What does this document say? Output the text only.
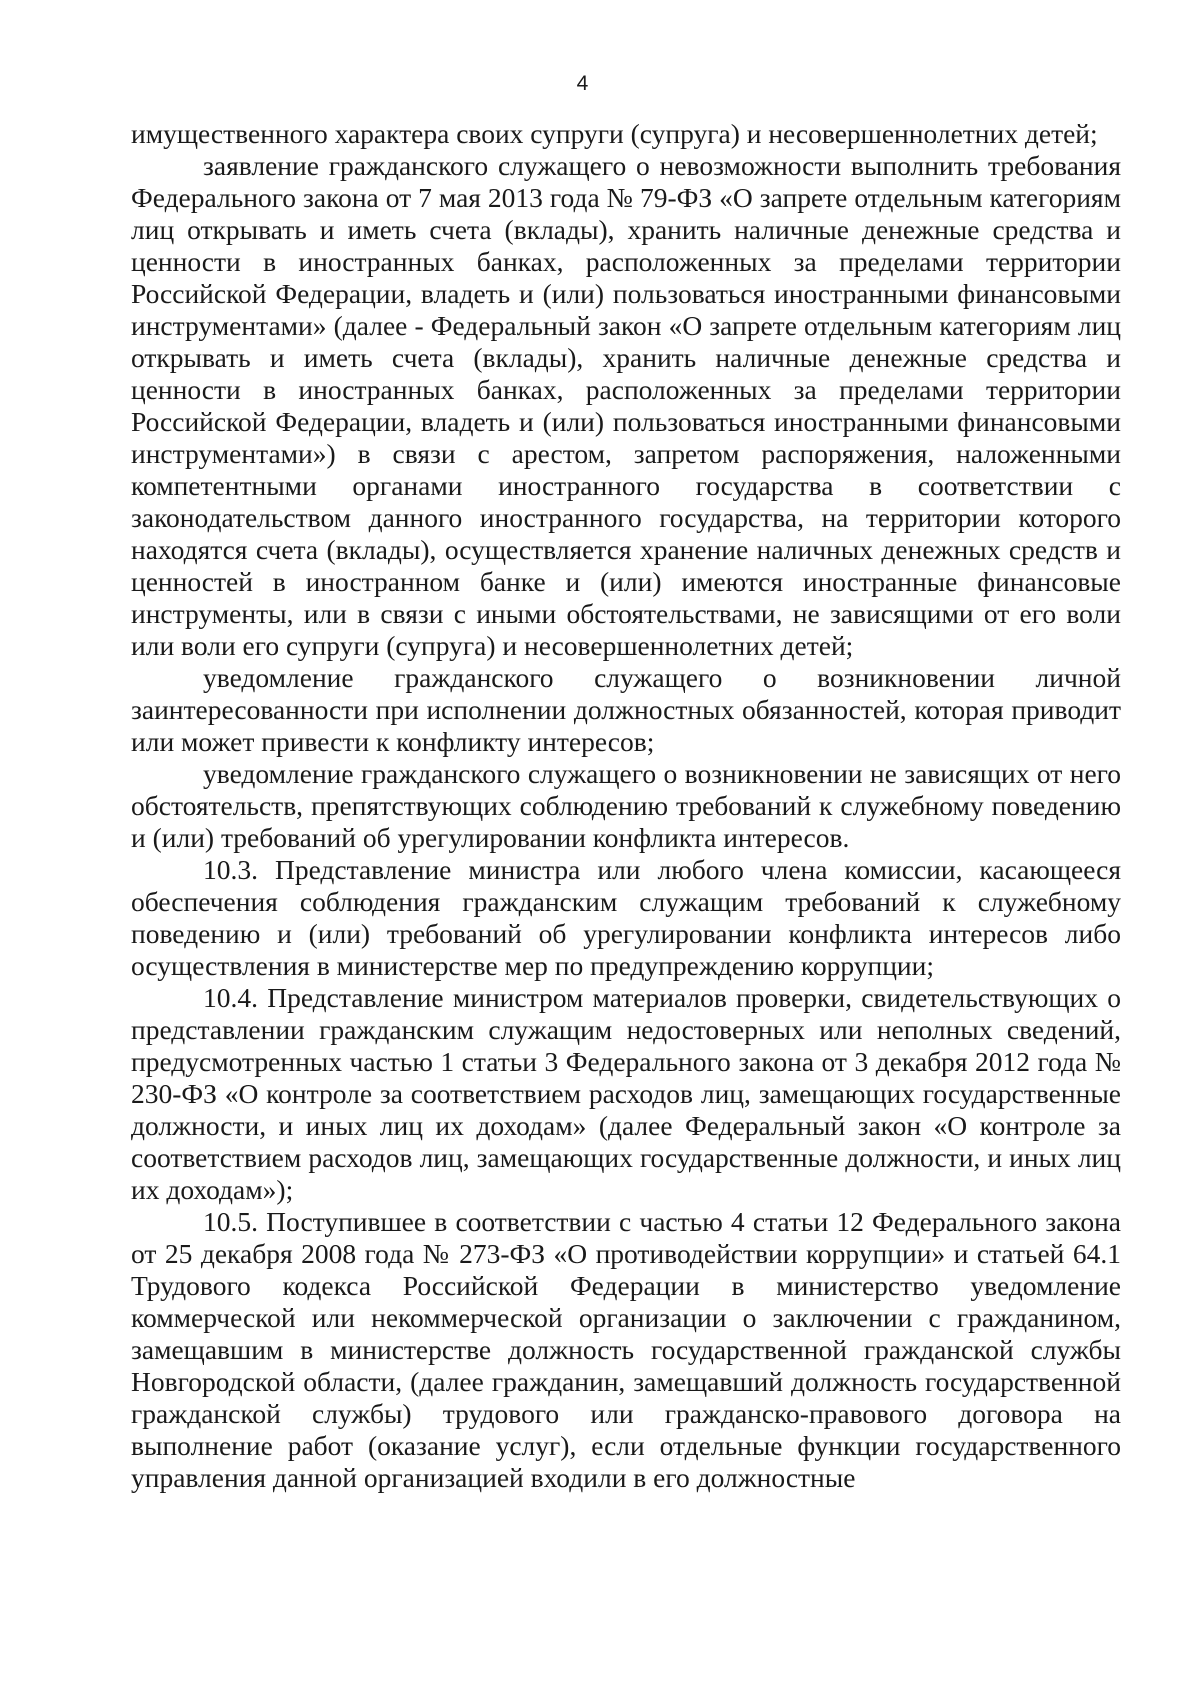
4

имущественного характера своих супруги (супруга) и несовершеннолетних детей;

заявление гражданского служащего о невозможности выполнить требования Федерального закона от 7 мая 2013 года № 79-ФЗ «О запрете отдельным категориям лиц открывать и иметь счета (вклады), хранить наличные денежные средства и ценности в иностранных банках, расположенных за пределами территории Российской Федерации, владеть и (или) пользоваться иностранными финансовыми инструментами» (далее - Федеральный закон «О запрете отдельным категориям лиц открывать и иметь счета (вклады), хранить наличные денежные средства и ценности в иностранных банках, расположенных за пределами территории Российской Федерации, владеть и (или) пользоваться иностранными финансовыми инструментами») в связи с арестом, запретом распоряжения, наложенными компетентными органами иностранного государства в соответствии с законодательством данного иностранного государства, на территории которого находятся счета (вклады), осуществляется хранение наличных денежных средств и ценностей в иностранном банке и (или) имеются иностранные финансовые инструменты, или в связи с иными обстоятельствами, не зависящими от его воли или воли его супруги (супруга) и несовершеннолетних детей;

уведомление гражданского служащего о возникновении личной заинтересованности при исполнении должностных обязанностей, которая приводит или может привести к конфликту интересов;

уведомление гражданского служащего о возникновении не зависящих от него обстоятельств, препятствующих соблюдению требований к служебному поведению и (или) требований об урегулировании конфликта интересов.

10.3. Представление министра или любого члена комиссии, касающееся обеспечения соблюдения гражданским служащим требований к служебному поведению и (или) требований об урегулировании конфликта интересов либо осуществления в министерстве мер по предупреждению коррупции;

10.4. Представление министром материалов проверки, свидетельствующих о представлении гражданским служащим недостоверных или неполных сведений, предусмотренных частью 1 статьи 3 Федерального закона от 3 декабря 2012 года № 230-ФЗ «О контроле за соответствием расходов лиц, замещающих государственные должности, и иных лиц их доходам» (далее Федеральный закон «О контроле за соответствием расходов лиц, замещающих государственные должности, и иных лиц их доходам»);

10.5. Поступившее в соответствии с частью 4 статьи 12 Федерального закона от 25 декабря 2008 года № 273-ФЗ «О противодействии коррупции» и статьей 64.1 Трудового кодекса Российской Федерации в министерство уведомление коммерческой или некоммерческой организации о заключении с гражданином, замещавшим в министерстве должность государственной гражданской службы Новгородской области, (далее гражданин, замещавший должность государственной гражданской службы) трудового или гражданско-правового договора на выполнение работ (оказание услуг), если отдельные функции государственного управления данной организацией входили в его должностные
